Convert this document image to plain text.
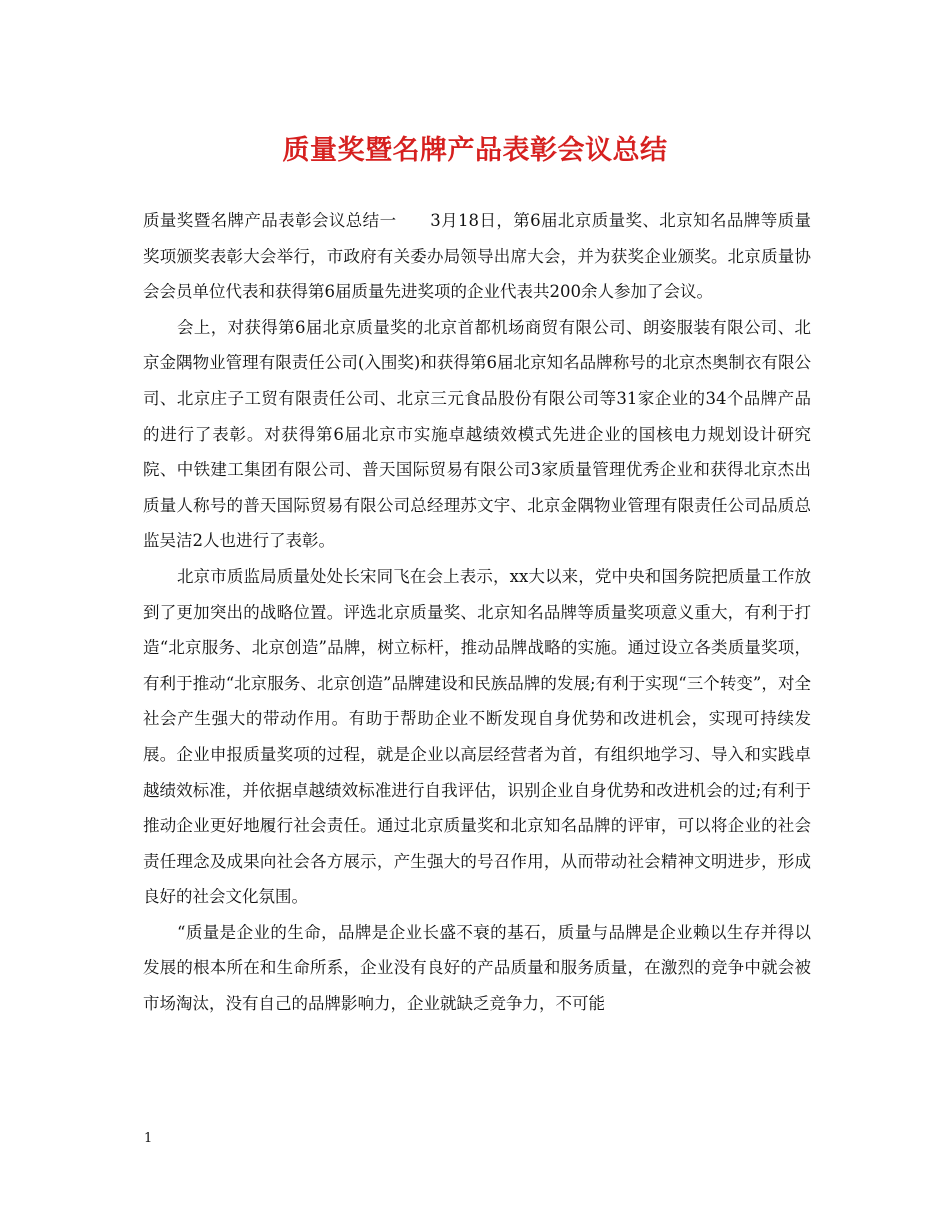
质量奖暨名牌产品表彰会议总结

质量奖暨名牌产品表彰会议总结一　　3月18日，第6届北京质量奖、北京知名品牌等质量奖项颁奖表彰大会举行，市政府有关委办局领导出席大会，并为获奖企业颁奖。北京质量协会会员单位代表和获得第6届质量先进奖项的企业代表共200余人参加了会议。

会上，对获得第6届北京质量奖的北京首都机场商贸有限公司、朗姿服装有限公司、北京金隅物业管理有限责任公司(入围奖)和获得第6届北京知名品牌称号的北京杰奥制衣有限公司、北京庄子工贸有限责任公司、北京三元食品股份有限公司等31家企业的34个品牌产品的进行了表彰。对获得第6届北京市实施卓越绩效模式先进企业的国核电力规划设计研究院、中铁建工集团有限公司、普天国际贸易有限公司3家质量管理优秀企业和获得北京杰出质量人称号的普天国际贸易有限公司总经理苏文宇、北京金隅物业管理有限责任公司品质总监吴洁2人也进行了表彰。

北京市质监局质量处处长宋同飞在会上表示，xx大以来，党中央和国务院把质量工作放到了更加突出的战略位置。评选北京质量奖、北京知名品牌等质量奖项意义重大，有利于打造“北京服务、北京创造”品牌，树立标杆，推动品牌战略的实施。通过设立各类质量奖项，有利于推动“北京服务、北京创造”品牌建设和民族品牌的发展;有利于实现“三个转变”，对全社会产生强大的带动作用。有助于帮助企业不断发现自身优势和改进机会，实现可持续发展。企业申报质量奖项的过程，就是企业以高层经营者为首，有组织地学习、导入和实践卓越绩效标准，并依据卓越绩效标准进行自我评估，识别企业自身优势和改进机会的过;有利于推动企业更好地履行社会责任。通过北京质量奖和北京知名品牌的评审，可以将企业的社会责任理念及成果向社会各方展示，产生强大的号召作用，从而带动社会精神文明进步，形成良好的社会文化氛围。

“质量是企业的生命，品牌是企业长盛不衰的基石，质量与品牌是企业赖以生存并得以发展的根本所在和生命所系，企业没有良好的产品质量和服务质量，在激烈的竞争中就会被市场淘汰，没有自己的品牌影响力，企业就缺乏竞争力，不可能

1
